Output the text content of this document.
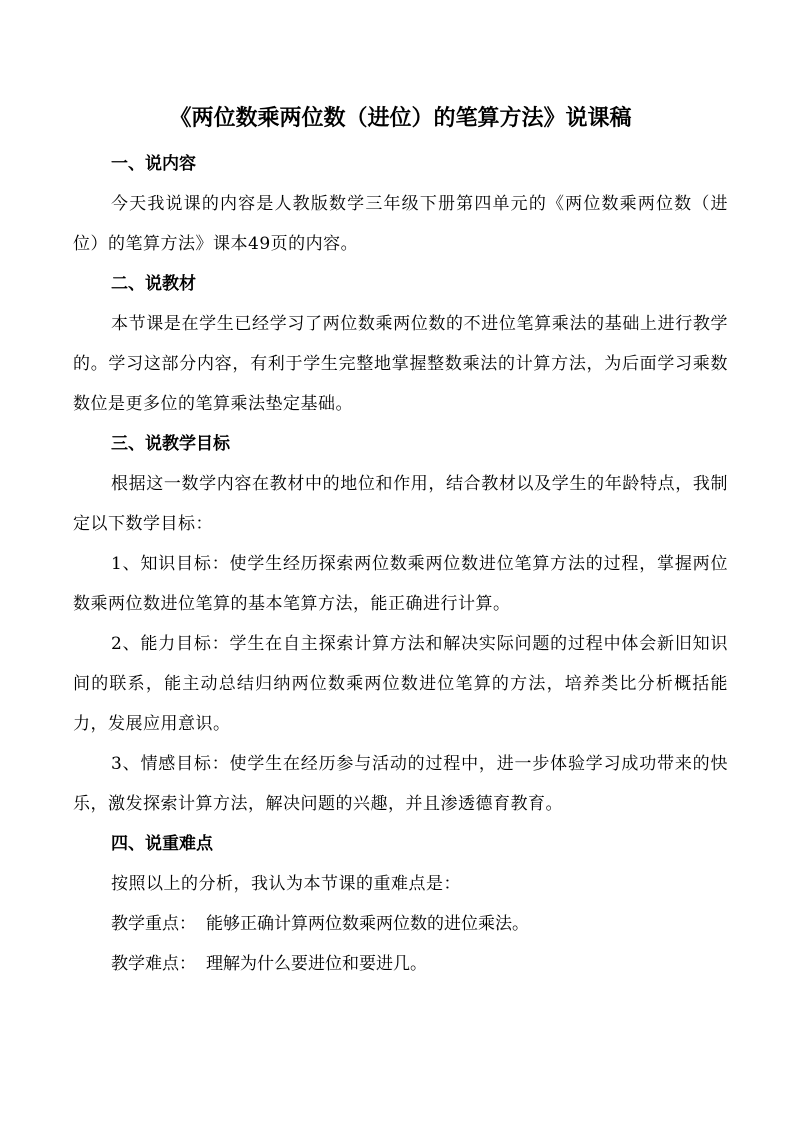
《两位数乘两位数（进位）的笔算方法》说课稿
一、说内容

今天我说课的内容是人教版数学三年级下册第四单元的《两位数乘两位数（进位）的笔算方法》课本49页的内容。

二、说教材

本节课是在学生已经学习了两位数乘两位数的不进位笔算乘法的基础上进行教学的。学习这部分内容，有利于学生完整地掌握整数乘法的计算方法，为后面学习乘数数位是更多位的笔算乘法垫定基础。

三、说教学目标

根据这一数学内容在教材中的地位和作用，结合教材以及学生的年龄特点，我制定以下数学目标：

1、知识目标：使学生经历探索两位数乘两位数进位笔算方法的过程，掌握两位数乘两位数进位笔算的基本笔算方法，能正确进行计算。

2、能力目标：学生在自主探索计算方法和解决实际问题的过程中体会新旧知识间的联系，能主动总结归纳两位数乘两位数进位笔算的方法，培养类比分析概括能力，发展应用意识。

3、情感目标：使学生在经历参与活动的过程中，进一步体验学习成功带来的快乐，激发探索计算方法，解决问题的兴趣，并且渗透德育教育。

四、说重难点

按照以上的分析，我认为本节课的重难点是：

教学重点： 能够正确计算两位数乘两位数的进位乘法。
教学难点： 理解为什么要进位和要进几。
